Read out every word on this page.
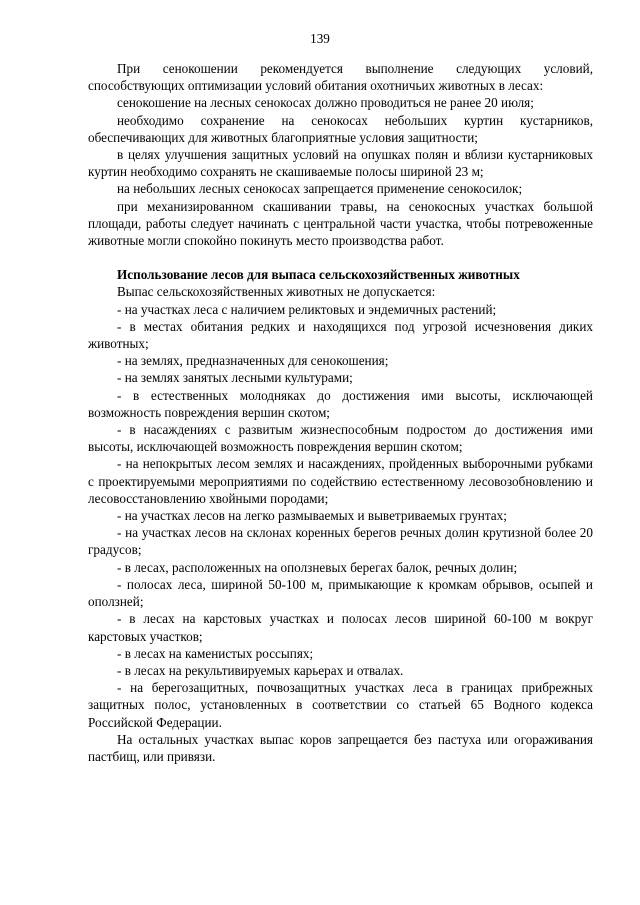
139

При сенокошении рекомендуется выполнение следующих условий, способствующих оптимизации условий обитания охотничьих животных в лесах:

сенокошение на лесных сенокосах должно проводиться не ранее 20 июля;

необходимо сохранение на сенокосах небольших куртин кустарников, обеспечивающих для животных благоприятные условия защитности;

в целях улучшения защитных условий на опушках полян и вблизи кустарниковых куртин необходимо сохранять не скашиваемые полосы шириной 23 м;

на небольших лесных сенокосах запрещается применение сенокосилок;

при механизированном скашивании травы, на сенокосных участках большой площади, работы следует начинать с центральной части участка, чтобы потревоженные животные могли спокойно покинуть место производства работ.

Использование лесов для выпаса сельскохозяйственных животных

Выпас сельскохозяйственных животных не допускается:

- на участках леса с наличием реликтовых и эндемичных растений;

- в местах обитания редких и находящихся под угрозой исчезновения диких животных;

- на землях, предназначенных для сенокошения;

- на землях занятых лесными культурами;

- в естественных молодняках до достижения ими высоты, исключающей возможность повреждения вершин скотом;

- в насаждениях с развитым жизнеспособным подростом до достижения ими высоты, исключающей возможность повреждения вершин скотом;

- на непокрытых лесом землях и насаждениях, пройденных выборочными рубками с проектируемыми мероприятиями по содействию естественному лесовозобновлению и лесовосстановлению хвойными породами;

- на участках лесов на легко размываемых и выветриваемых грунтах;

- на участках лесов на склонах коренных берегов речных долин крутизной более 20 градусов;

- в лесах, расположенных на оползневых берегах балок, речных долин;

- полосах леса, шириной 50-100 м, примыкающие к кромкам обрывов, осыпей и оползней;

- в лесах на карстовых участках и полосах лесов шириной 60-100 м вокруг карстовых участков;

- в лесах на каменистых россыпях;

- в лесах на рекультивируемых карьерах и отвалах.

- на берегозащитных, почвозащитных участках леса в границах прибрежных защитных полос, установленных в соответствии со статьей 65 Водного кодекса Российской Федерации.

На остальных участках выпас коров запрещается без пастуха или огораживания пастбищ, или привязи.
